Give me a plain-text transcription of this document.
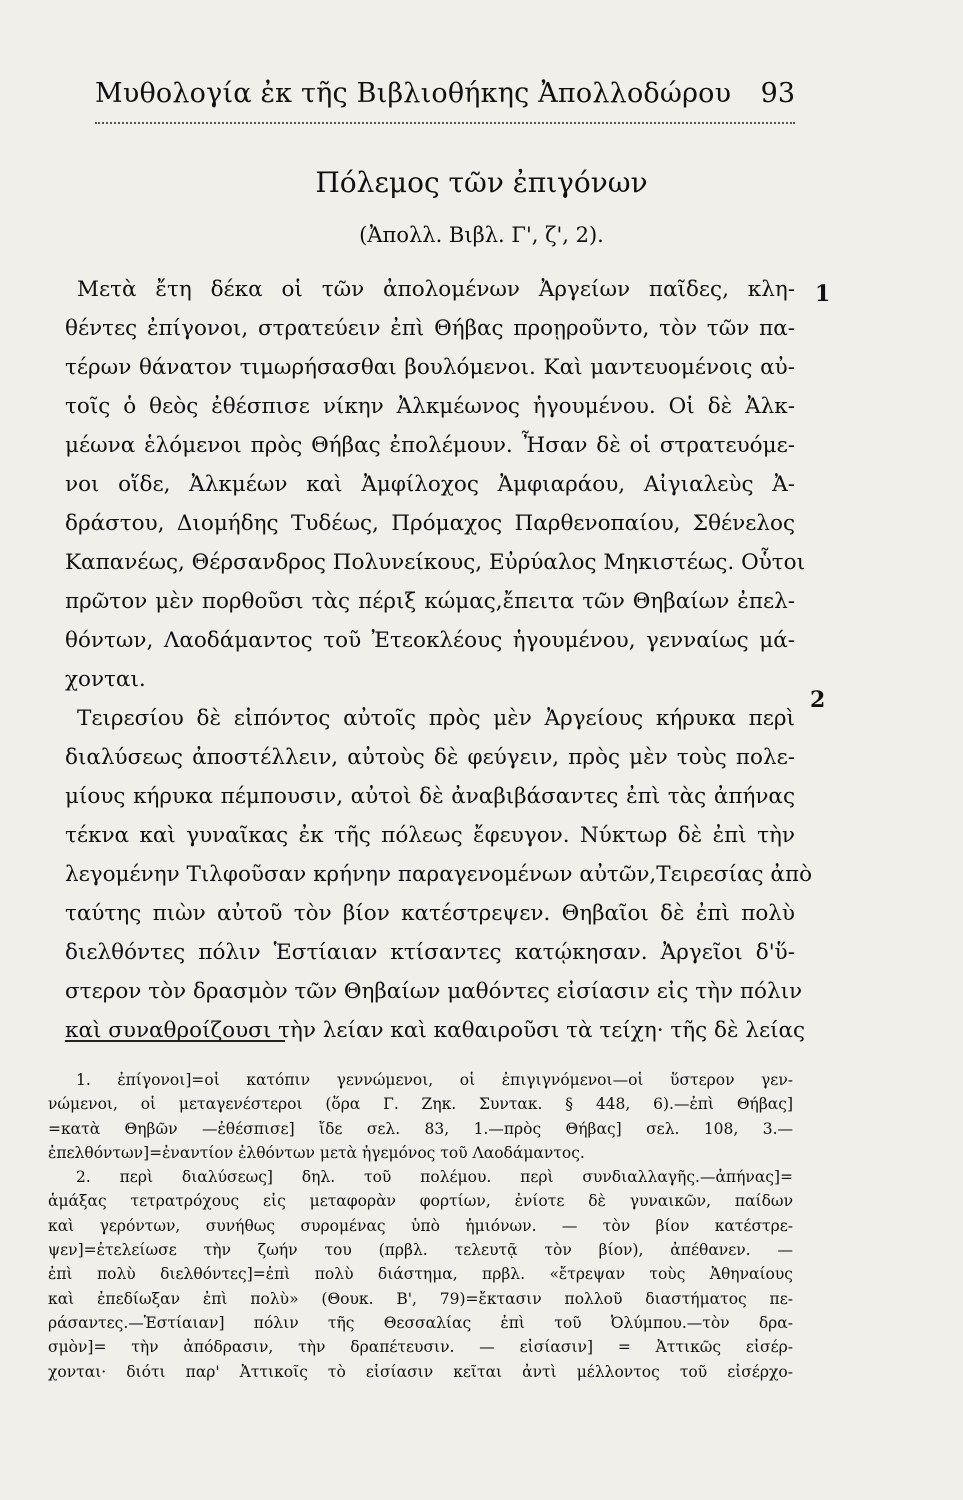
Μυθολογία ἐκ τῆς Βιβλιοθήκης Ἀπολλοδώρου 93
Πόλεμος τῶν ἐπιγόνων
(Ἀπολλ. Βιβλ. Γ', ζ', 2).
1
2
Μετὰ ἔτη δέκα οἱ τῶν ἀπολομένων Ἀργείων παῖδες, κλη-
θέντες ἐπίγονοι, στρατεύειν ἐπὶ Θήβας προῃροῦντο, τὸν τῶν πα-
τέρων θάνατον τιμωρήσασθαι βουλόμενοι. Καὶ μαντευομένοις αὐ-
τοῖς ὁ θεὸς ἐθέσπισε νίκην Ἀλκμέωνος ἡγουμένου. Οἱ δὲ Ἀλκ-
μέωνα ἑλόμενοι πρὸς Θήβας ἐπολέμουν. Ἦσαν δὲ οἱ στρατευόμε-
νοι οἵδε, Ἀλκμέων καὶ Ἀμφίλοχος Ἀμφιαράου, Αἰγιαλεὺς Ἀ-
δράστου, Διομήδης Τυδέως, Πρόμαχος Παρθενοπαίου, Σθένελος
Καπανέως, Θέρσανδρος Πολυνείκους, Εὐρύαλος Μηκιστέως. Οὗτοι
πρῶτον μὲν πορθοῦσι τὰς πέριξ κώμας,ἔπειτα τῶν Θηβαίων ἐπελ-
θόντων, Λαοδάμαντος τοῦ Ἐτεοκλέους ἡγουμένου, γενναίως μά-
χονται.
Τειρεσίου δὲ εἰπόντος αὐτοῖς πρὸς μὲν Ἀργείους κήρυκα περὶ
διαλύσεως ἀποστέλλειν, αὐτοὺς δὲ φεύγειν, πρὸς μὲν τοὺς πολε-
μίους κήρυκα πέμπουσιν, αὐτοὶ δὲ ἀναβιβάσαντες ἐπὶ τὰς ἀπήνας
τέκνα καὶ γυναῖκας ἐκ τῆς πόλεως ἔφευγον. Νύκτωρ δὲ ἐπὶ τὴν
λεγομένην Τιλφοῦσαν κρήνην παραγενομένων αὐτῶν,Τειρεσίας ἀπὸ
ταύτης πιὼν αὐτοῦ τὸν βίον κατέστρεψεν. Θηβαῖοι δὲ ἐπὶ πολὺ
διελθόντες πόλιν Ἑστίαιαν κτίσαντες κατῴκησαν. Ἀργεῖοι δ'ὕ-
στερον τὸν δρασμὸν τῶν Θηβαίων μαθόντες εἰσίασιν εἰς τὴν πόλιν
καὶ συναθροίζουσι τὴν λείαν καὶ καθαιροῦσι τὰ τείχη· τῆς δὲ λείας
1. ἐπίγονοι]=οἱ κατόπιν γεννώμενοι, οἱ ἐπιγιγνόμενοι—οἱ ὕστερον γεν-
νώμενοι, οἱ μεταγενέστεροι (ὅρα Γ. Ζηκ. Συντακ. § 448, 6).—ἐπὶ Θήβας]
=κατὰ Θηβῶν —ἐθέσπισε] ἴδε σελ. 83, 1.—πρὸς Θήβας] σελ. 108, 3.—
ἐπελθόντων]=ἐναντίον ἐλθόντων μετὰ ἡγεμόνος τοῦ Λαοδάμαντος.
2. περὶ διαλύσεως] δηλ. τοῦ πολέμου. περὶ συνδιαλλαγῆς.—ἀπήνας]=
ἁμάξας τετρατρόχους εἰς μεταφορὰν φορτίων, ἐνίοτε δὲ γυναικῶν, παίδων
καὶ γερόντων, συνήθως συρομένας ὑπὸ ἡμιόνων. — τὸν βίον κατέστρε-
ψεν]=ἐτελείωσε τὴν ζωήν του (πρβλ. τελευτᾷ τὸν βίον), ἀπέθανεν. —
ἐπὶ πολὺ διελθόντες]=ἐπὶ πολὺ διάστημα, πρβλ. «ἔτρεψαν τοὺς Ἀθηναίους
καὶ ἐπεδίωξαν ἐπὶ πολὺ» (Θουκ. Β', 79)=ἔκτασιν πολλοῦ διαστήματος πε-
ράσαντες.—Ἑστίαιαν] πόλιν τῆς Θεσσαλίας ἐπὶ τοῦ Ὀλύμπου.—τὸν δρα-
σμὸν]= τὴν ἀπόδρασιν, τὴν δραπέτευσιν. — εἰσίασιν] = Ἀττικῶς εἰσέρ-
χονται· διότι παρ' Ἀττικοῖς τὸ εἰσίασιν κεῖται ἀντὶ μέλλοντος τοῦ εἰσέρχο-
